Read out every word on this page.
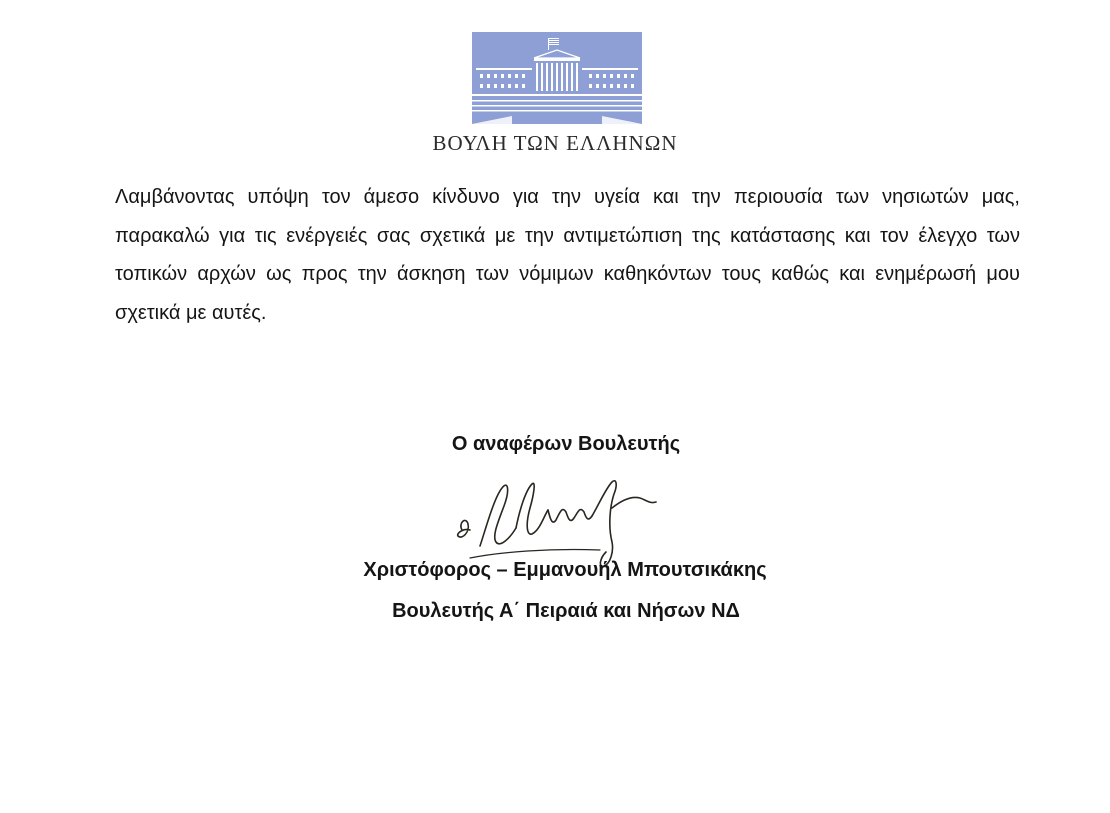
ΒΟΥΛΗ ΤΩΝ ΕΛΛΗΝΩΝ

Λαμβάνοντας υπόψη τον άμεσο κίνδυνο για την υγεία και την περιουσία των νησιωτών μας, παρακαλώ για τις ενέργειές σας σχετικά με την αντιμετώπιση της κατάστασης και τον έλεγχο των τοπικών αρχών ως προς την άσκηση των νόμιμων καθηκόντων τους καθώς και ενημέρωσή μου σχετικά με αυτές.

Ο αναφέρων Βουλευτής
Χριστόφορος – Εμμανουήλ Μπουτσικάκης
Βουλευτής Α΄ Πειραιά και Νήσων ΝΔ
